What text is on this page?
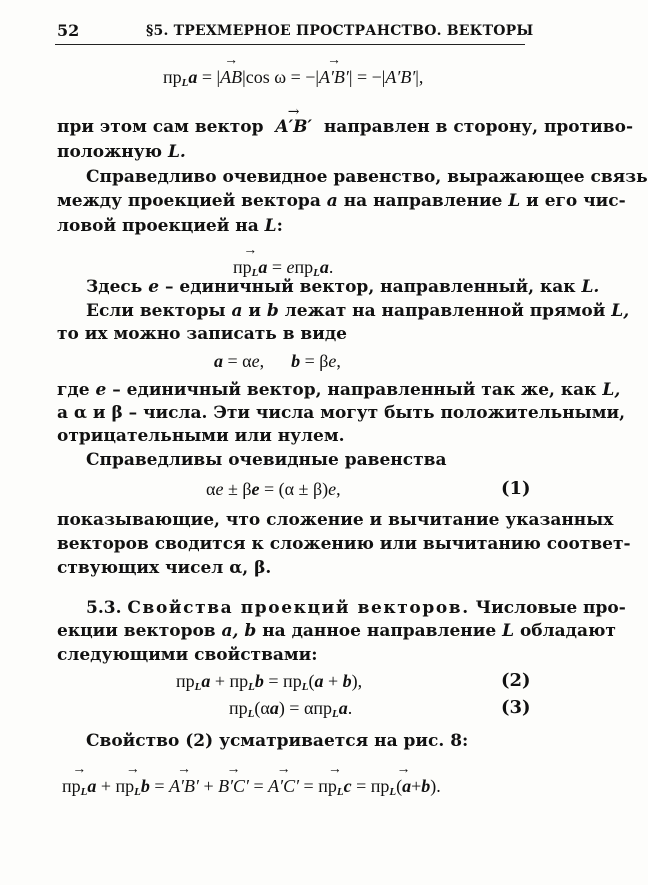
52	§5. ТРЕХМЕРНОЕ ПРОСТРАНСТВО. ВЕКТОРЫ
$пр_La$ = |→ AB|cos ω = −|→ A′B′| = −|A′B′|,
при этом сам вектор → A′B′ направлен в сторону, противо-
положную L.
Справедливо очевидное равенство, выражающее связь
между проекцией вектора a на направление L и его чис-
ловой проекцией на L:
→ $пр_La = eпр_La$.
Здесь e – единичный вектор, направленный, как L.
Если векторы a и b лежат на направленной прямой L,
то их можно записать в виде
a = αe,      b = βe,
где e – единичный вектор, направленный так же, как L,
а α и β – числа. Эти числа могут быть положительными,
отрицательными или нулем.
Справедливы очевидные равенства
αe ± βe = (α ± β)e,	(1)
показывающие, что сложение и вычитание указанных
векторов сводится к сложению или вычитанию соответ-
ствующих чисел α, β.
5.3. Свойства проекций векторов. Числовые про-
екции векторов a, b на данное направление L обладают
следующими свойствами:
$пр_La + пр_Lb = пр_L(a + b)$,	(2)
$пр_L(\alpha a) = \alpha пр_La$.	(3)
Свойство (2) усматривается на рис. 8:
→ $пр_La$ + → $пр_Lb$ = → A′B′ + → B′C′ = → A′C′ = → $пр_Lc$ = → $пр_L(a+b)$.
